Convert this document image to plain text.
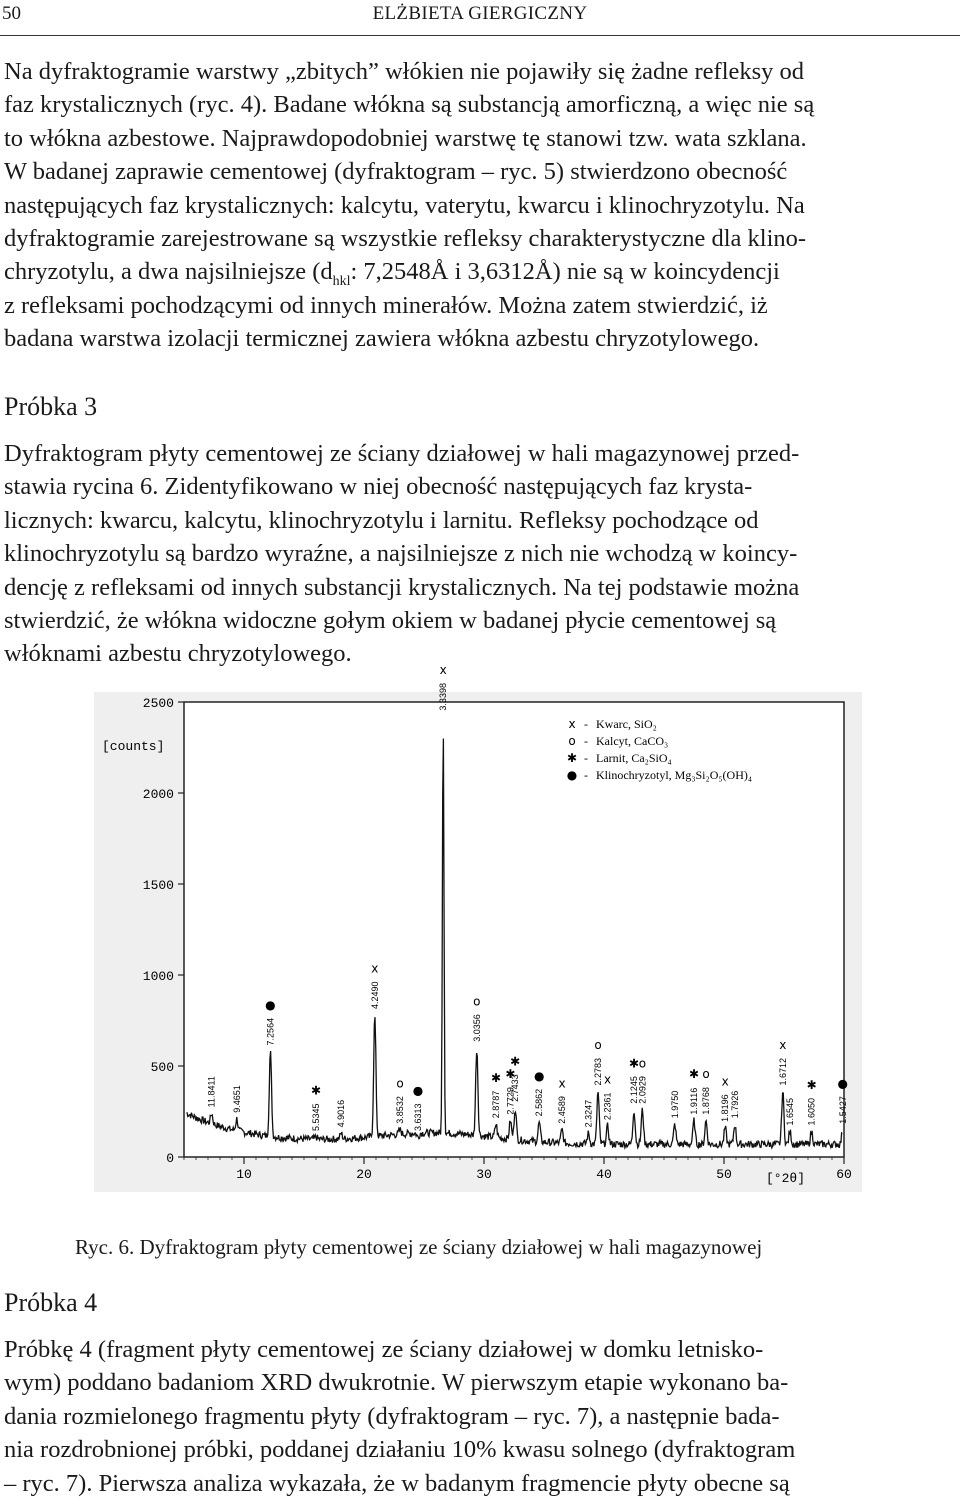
50	ELŻBIETA GIERGICZNY

Na dyfraktogramie warstwy „zbitych” włókien nie pojawiły się żadne refleksy od

faz krystalicznych (ryc. 4). Badane włókna są substancją amorficzną, a więc nie są

to włókna azbestowe. Najprawdopodobniej warstwę tę stanowi tzw. wata szklana.

W badanej zaprawie cementowej (dyfraktogram – ryc. 5) stwierdzono obecność

następujących faz krystalicznych: kalcytu, vaterytu, kwarcu i klinochryzotylu. Na

dyfraktogramie zarejestrowane są wszystkie refleksy charakterystyczne dla klino-

chryzotylu, a dwa najsilniejsze ($d_{hkl}$: 7,2548Å i 3,6312Å) nie są w koincydencji

z refleksami pochodzącymi od innych minerałów. Można zatem stwierdzić, iż

badana warstwa izolacji termicznej zawiera włókna azbestu chryzotylowego.

Próbka 3

Dyfraktogram płyty cementowej ze ściany działowej w hali magazynowej przed-

stawia rycina 6. Zidentyfikowano w niej obecność następujących faz krysta-

licznych: kwarcu, kalcytu, klinochryzotylu i larnitu. Refleksy pochodzące od

klinochryzotylu są bardzo wyraźne, a najsilniejsze z nich nie wchodzą w koincy-

dencję z refleksami od innych substancji krystalicznych. Na tej podstawie można

stwierdzić, że włókna widoczne gołym okiem w badanej płycie cementowej są

włóknami azbestu chryzotylowego.

0
500
1000
1500
2000
2500
10	20	30	40	50	60
11.8411 9.4651
7.2564
●
5.5345
✱
4.9016
4.2490
x
3.8532
o
3.6313
●
3.3398
x
3.0356
o
2.8787
✱
2.7729
✱
2.7433
✱
2.5862
●
2.4589
x
2.3247
2.2783
o
2.2361
x 2.1245
✱
2.0929
o
1.9750 1.9116
✱
1.8768
o
1.8196
x
1.7926
1.6712
x
1.6545 1.6050
✱
1.5427
●
[counts]
[°2θ]
x - Kwarc, SiO₂
o - Kalcyt, CaCO₃
✱ - Larnit, Ca₂SiO₄
● - Klinochryzotyl, Mg₃Si₂O₅(OH)₄
Ryc. 6. Dyfraktogram płyty cementowej ze ściany działowej w hali magazynowej
Próbka 4

Próbkę 4 (fragment płyty cementowej ze ściany działowej w domku letnisko-

wym) poddano badaniom XRD dwukrotnie. W pierwszym etapie wykonano ba-

dania rozmielonego fragmentu płyty (dyfraktogram – ryc. 7), a następnie bada-

nia rozdrobnionej próbki, poddanej działaniu 10% kwasu solnego (dyfraktogram

– ryc. 7). Pierwsza analiza wykazała, że w badanym fragmencie płyty obecne są
